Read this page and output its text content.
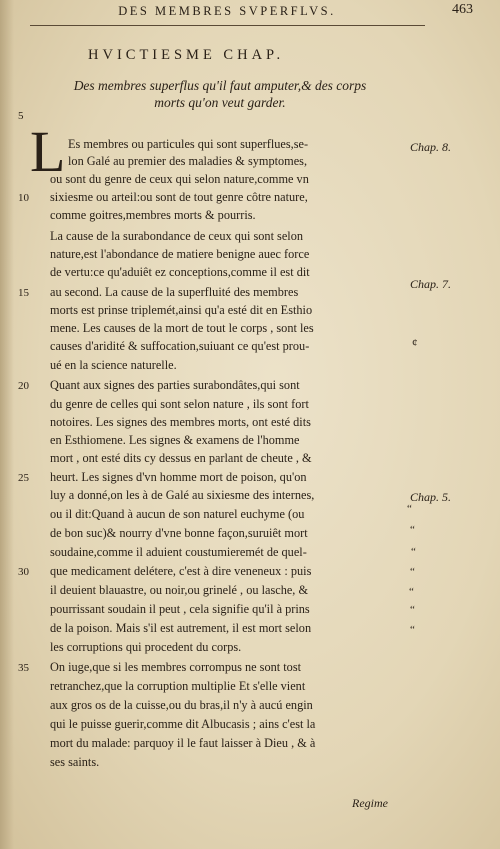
DES MEMBRES SVPERFLVS.	463
HVICTIESME CHAP.
Des membres superflus qu'il faut amputer,& des corps
morts qu'on veut garder.
L Es membres ou particules qui sont superflues,se-
lon Galé au premier des maladies & symptomes,
ou sont du genre de ceux qui selon nature,comme vn
sixiesme ou arteil:ou sont de tout genre côtre nature,
comme goitres,membres morts & pourris.
La cause de la surabondance de ceux qui sont selon
nature,est l'abondance de matiere benigne auec force
de vertu:ce qu'aduiêt ez conceptions,comme il est dit
au second. La cause de la superfluité des membres
morts est prinse triplemét,ainsi qu'a esté dit en Esthio
mene. Les causes de la mort de tout le corps , sont les
causes d'aridité & suffocation,suiuant ce qu'est prou-
ué en la science naturelle.
Quant aux signes des parties surabondâtes,qui sont
du genre de celles qui sont selon nature , ils sont fort
notoires. Les signes des membres morts, ont esté dits
en Esthiomene. Les signes & examens de l'homme
mort , ont esté dits cy dessus en parlant de cheute , &
heurt. Les signes d'vn homme mort de poison, qu'on
luy a donné,on les à de Galé au sixiesme des internes,
ou il dit:Quand à aucun de son naturel euchyme (ou
de bon suc)& nourry d'vne bonne façon,suruiêt mort
soudaine,comme il aduient coustumieremét de quel-
que medicament delétere, c'est à dire veneneux : puis
il deuient blauastre, ou noir,ou grinelé , ou lasche, &
pourrissant soudain il peut , cela signifie qu'il à prins
de la poison. Mais s'il est autrement, il est mort selon
les corruptions qui procedent du corps.
On iuge,que si les membres corrompus ne sont tost
retranchez,que la corruption multiplie Et s'elle vient
aux gros os de la cuisse,ou du bras,il n'y à aucú engin
qui le puisse guerir,comme dit Albucasis ; ains c'est la
mort du malade: parquoy il le faut laisser à Dieu , & à
ses saints.
5
10
15
20
25
30
35
Chap. 8.
Chap. 7.
Chap. 5.
¢
“
“
“
“
“
“
“
Regime
